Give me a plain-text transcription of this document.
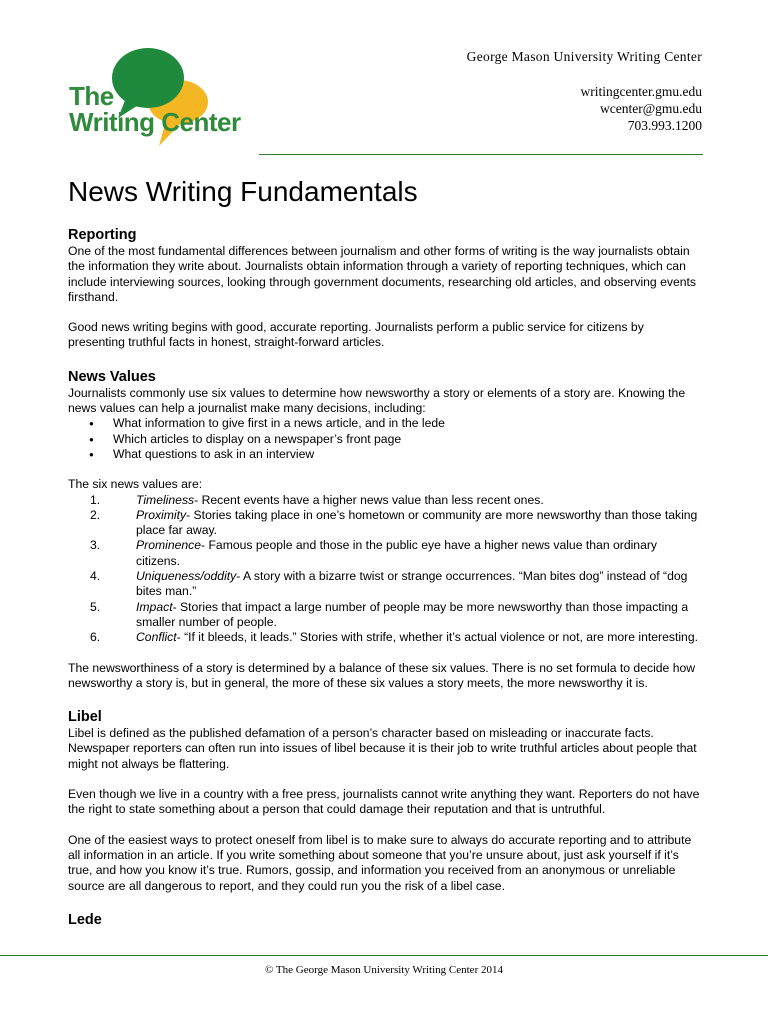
The
Writing Center
George Mason University Writing Center
writingcenter.gmu.edu
wcenter@gmu.edu
703.993.1200
News Writing Fundamentals
Reporting

One of the most fundamental differences between journalism and other forms of writing is the way journalists obtain the information they write about. Journalists obtain information through a variety of reporting techniques, which can include interviewing sources, looking through government documents, researching old articles, and observing events firsthand.

Good news writing begins with good, accurate reporting. Journalists perform a public service for citizens by presenting truthful facts in honest, straight-forward articles.

News Values

Journalists commonly use six values to determine how newsworthy a story or elements of a story are. Knowing the news values can help a journalist make many decisions, including:

● What information to give first in a news article, and in the lede
● Which articles to display on a newspaper’s front page
● What questions to ask in an interview

The six news values are:

1.	Timeliness- Recent events have a higher news value than less recent ones.
2.	Proximity- Stories taking place in one’s hometown or community are more newsworthy than those taking place far away.
3.	Prominence- Famous people and those in the public eye have a higher news value than ordinary citizens.
4.	Uniqueness/oddity- A story with a bizarre twist or strange occurrences. “Man bites dog” instead of “dog bites man.”
5.	Impact- Stories that impact a large number of people may be more newsworthy than those impacting a smaller number of people.
6.	Conflict- “If it bleeds, it leads.” Stories with strife, whether it’s actual violence or not, are more interesting.

The newsworthiness of a story is determined by a balance of these six values. There is no set formula to decide how newsworthy a story is, but in general, the more of these six values a story meets, the more newsworthy it is.

Libel

Libel is defined as the published defamation of a person’s character based on misleading or inaccurate facts. Newspaper reporters can often run into issues of libel because it is their job to write truthful articles about people that might not always be flattering.

Even though we live in a country with a free press, journalists cannot write anything they want. Reporters do not have the right to state something about a person that could damage their reputation and that is untruthful.

One of the easiest ways to protect oneself from libel is to make sure to always do accurate reporting and to attribute all information in an article. If you write something about someone that you’re unsure about, just ask yourself if it’s true, and how you know it’s true. Rumors, gossip, and information you received from an anonymous or unreliable source are all dangerous to report, and they could run you the risk of a libel case.

Lede
© The George Mason University Writing Center 2014
